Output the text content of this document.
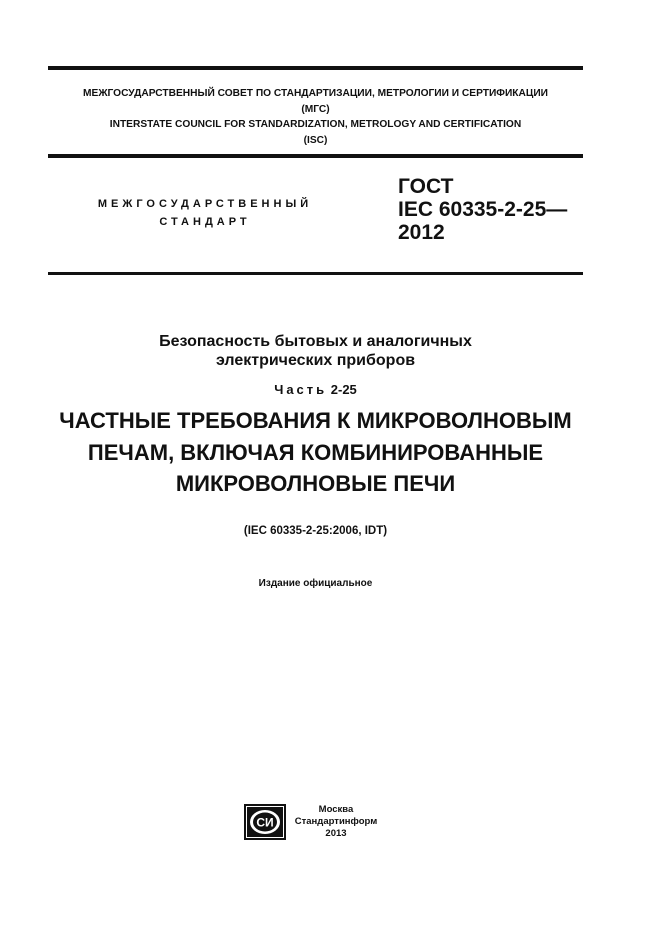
МЕЖГОСУДАРСТВЕННЫЙ СОВЕТ ПО СТАНДАРТИЗАЦИИ, МЕТРОЛОГИИ И СЕРТИФИКАЦИИ
(МГС)
INTERSTATE COUNCIL FOR STANDARDIZATION, METROLOGY AND CERTIFICATION
(ISC)
МЕЖГОСУДАРСТВЕННЫЙ
СТАНДАРТ
ГОСТ
IEC 60335-2-25—
2012
Безопасность бытовых и аналогичных
электрических приборов
Часть 2-25
ЧАСТНЫЕ ТРЕБОВАНИЯ К МИКРОВОЛНОВЫМ
ПЕЧАМ, ВКЛЮЧАЯ КОМБИНИРОВАННЫЕ
МИКРОВОЛНОВЫЕ ПЕЧИ
(IEC 60335-2-25:2006, IDT)
Издание официальное
СИ
Москва
Стандартинформ
2013
